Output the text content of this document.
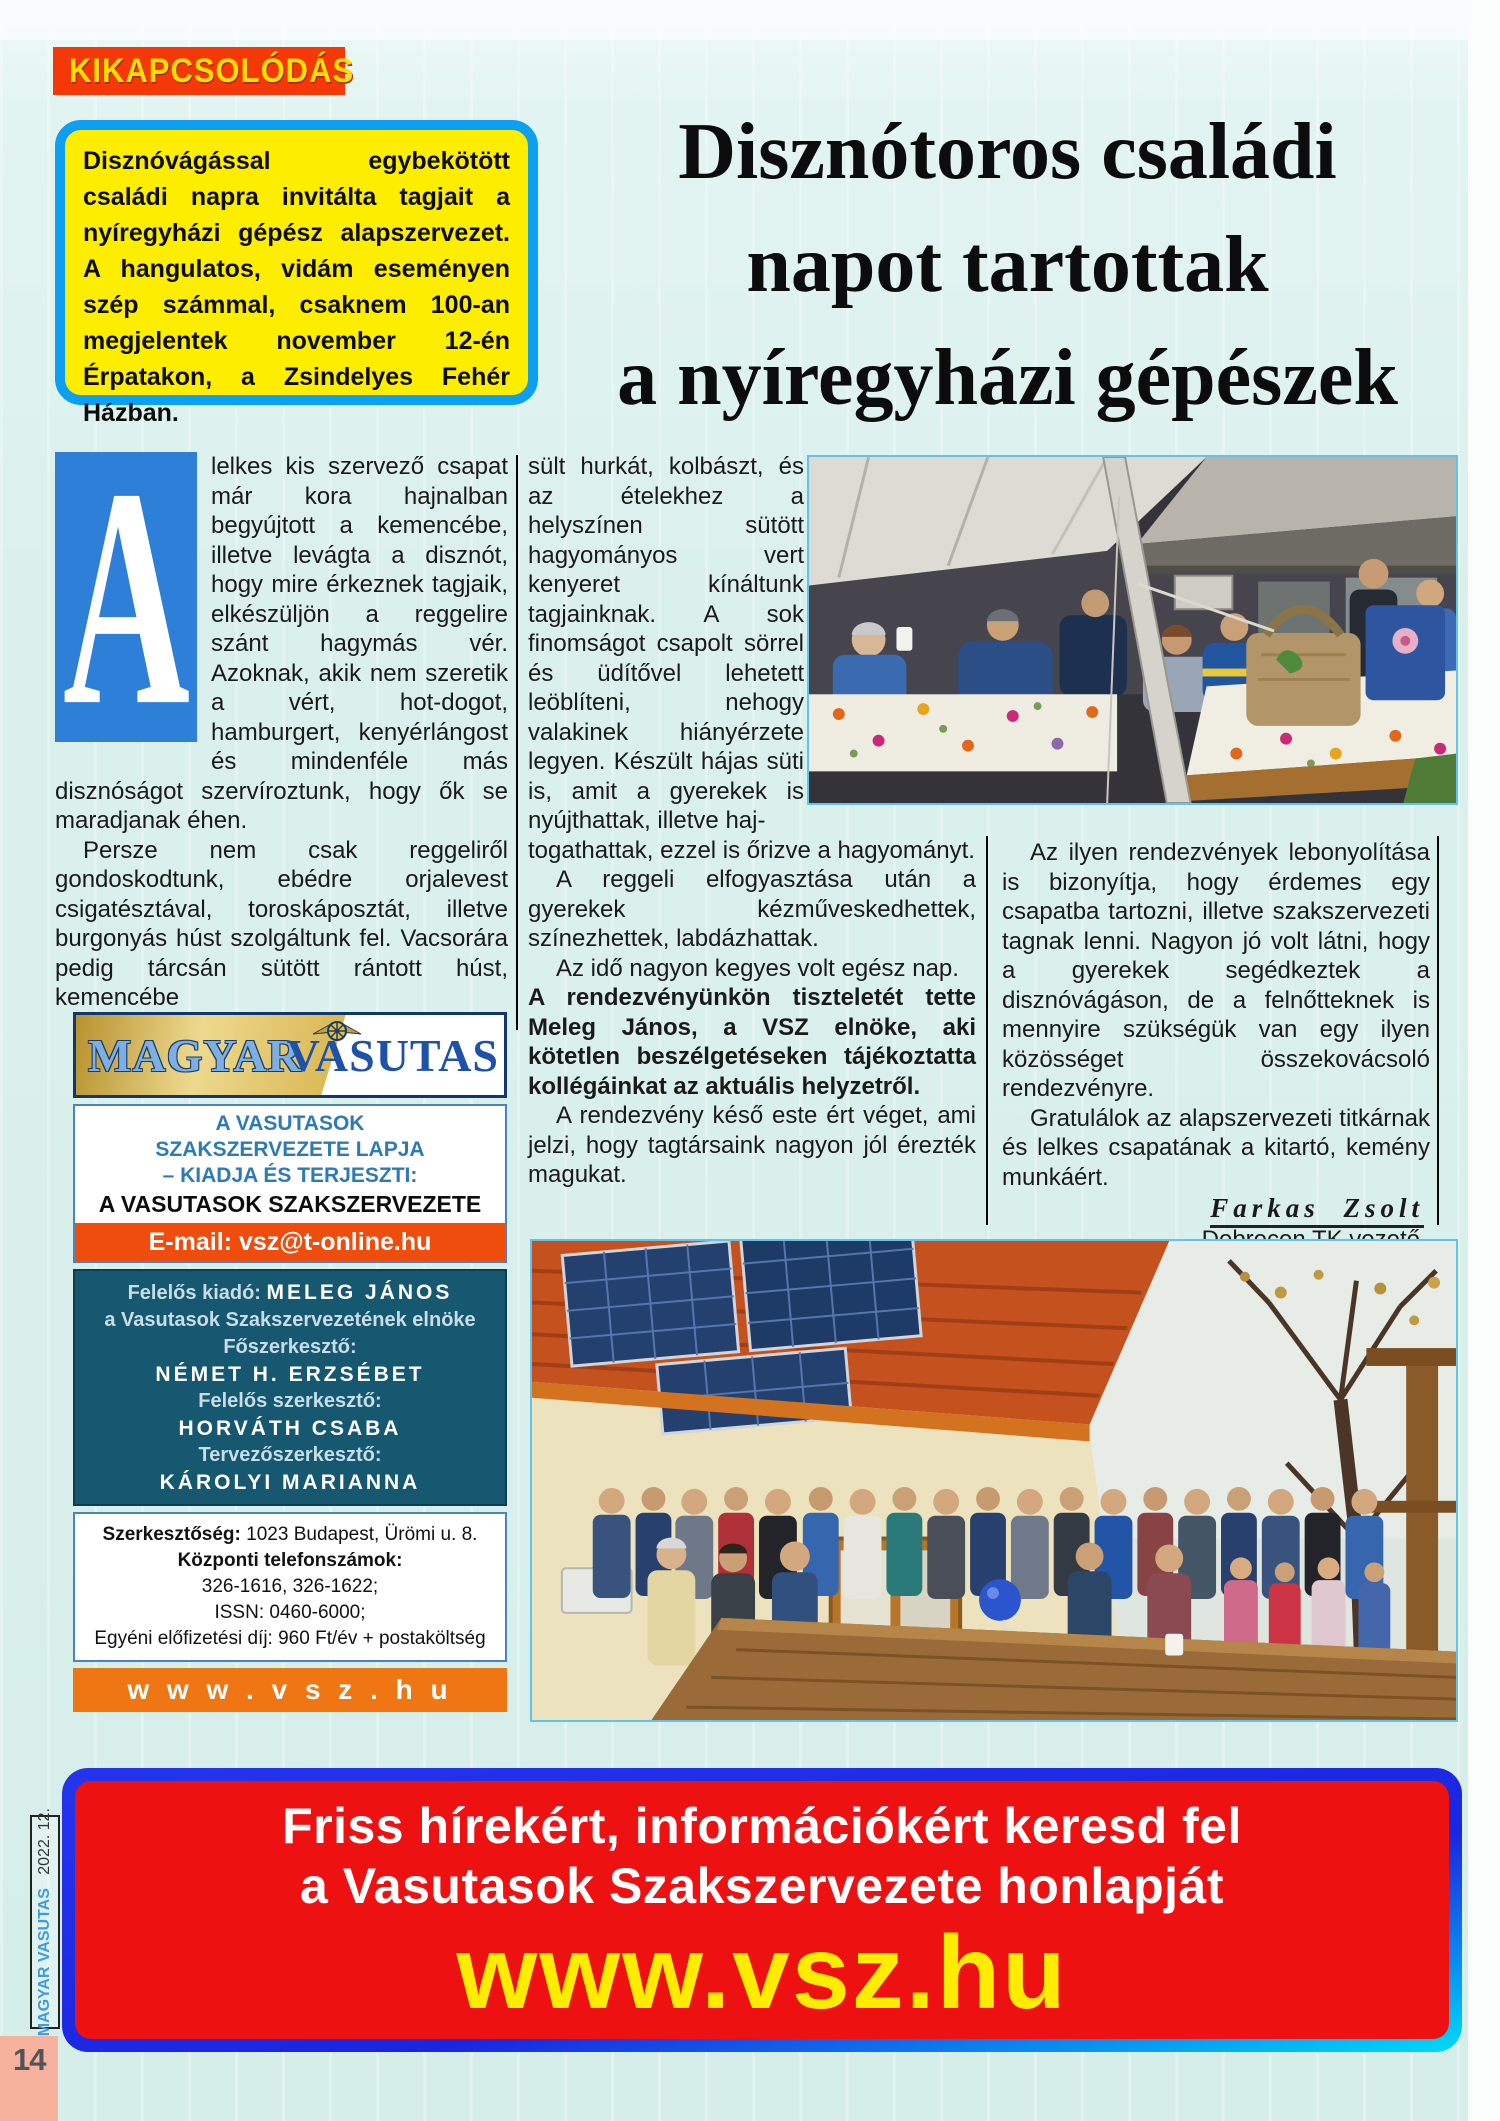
KIKAPCSOLÓDÁS

Disznóvágással egybekötött családi napra invitálta tagjait a nyíregyházi gépész alapszervezet. A hangulatos, vidám eseményen szép számmal, csaknem 100-an megjelentek november 12-én Érpatakon, a Zsindelyes Fehér Házban.

Disznótoros családi
napot tartottak
a nyíregyházi gépészek
A lelkes kis szervező csapat már kora hajnalban begyújtott a kemencébe, illetve levágta a disznót, hogy mire érkeznek tagjaik, elkészüljön a reggelire szánt hagymás vér. Azoknak, akik nem szeretik a vért, hot-dogot, hamburgert, kenyérlángost és mindenféle más disznóságot szervíroztunk, hogy ők se maradjanak éhen.

Persze nem csak reggeliről gondoskodtunk, ebédre orjalevest csigatésztával, toroskáposztát, illetve burgonyás húst szolgáltunk fel. Vacsorára pedig tárcsán sütött rántott húst, kemencébe

sült hurkát, kolbászt, és az ételekhez a helyszínen sütött hagyományos vert kenyeret kínáltunk tagjainknak. A sok finomságot csapolt sörrel és üdítővel lehetett leöblíteni, nehogy valakinek hiányérzete legyen. Készült hájas süti is, amit a gyerekek is nyújthattak, illetve haj-

togathattak, ezzel is őrizve a hagyományt.

A reggeli elfogyasztása után a gyerekek kézműveskedhettek, színezhettek, labdázhattak.

Az idő nagyon kegyes volt egész nap.

A rendezvényünkön tiszteletét tette Meleg János, a VSZ elnöke, aki kötetlen beszélgetéseken tájékoztatta kollégáinkat az aktuális helyzetről.

A rendezvény késő este ért véget, ami jelzi, hogy tagtársaink nagyon jól érezték magukat.

Az ilyen rendezvények lebonyolítása is bizonyítja, hogy érdemes egy csapatba tartozni, illetve szakszervezeti tagnak lenni. Nagyon jó volt látni, hogy a gyerekek segédkeztek a disznóvágáson, de a felnőtteknek is mennyire szükségük van egy ilyen közösséget összekovácsoló rendezvényre.

Gratulálok az alapszervezeti titkárnak és lelkes csapatának a kitartó, kemény munkáért.

Farkas Zsolt
MAGYAR
VASUTAS
A VASUTASOK
SZAKSZERVEZETE LAPJA
– KIADJA ÉS TERJESZTI:
A VASUTASOK SZAKSZERVEZETE
E-mail: vsz@t-online.hu
Felelős kiadó: MELEG JÁNOS
a Vasutasok Szakszervezetének elnöke
Főszerkesztő:
NÉMET H. ERZSÉBET
Felelős szerkesztő:
HORVÁTH CSABA
Tervezőszerkesztő:
KÁROLYI MARIANNA
Szerkesztőség: 1023 Budapest, Ürömi u. 8.
Központi telefonszámok:
326-1616, 326-1622;
ISSN: 0460-6000;
Egyéni előfizetési díj: 960 Ft/év + postaköltség
w w w . v s z . h u
Friss hírekért, információkért keresd fel
a Vasutasok Szakszervezete honlapját
www.vsz.hu
MAGYAR VASUTAS   2022. 12.
14
